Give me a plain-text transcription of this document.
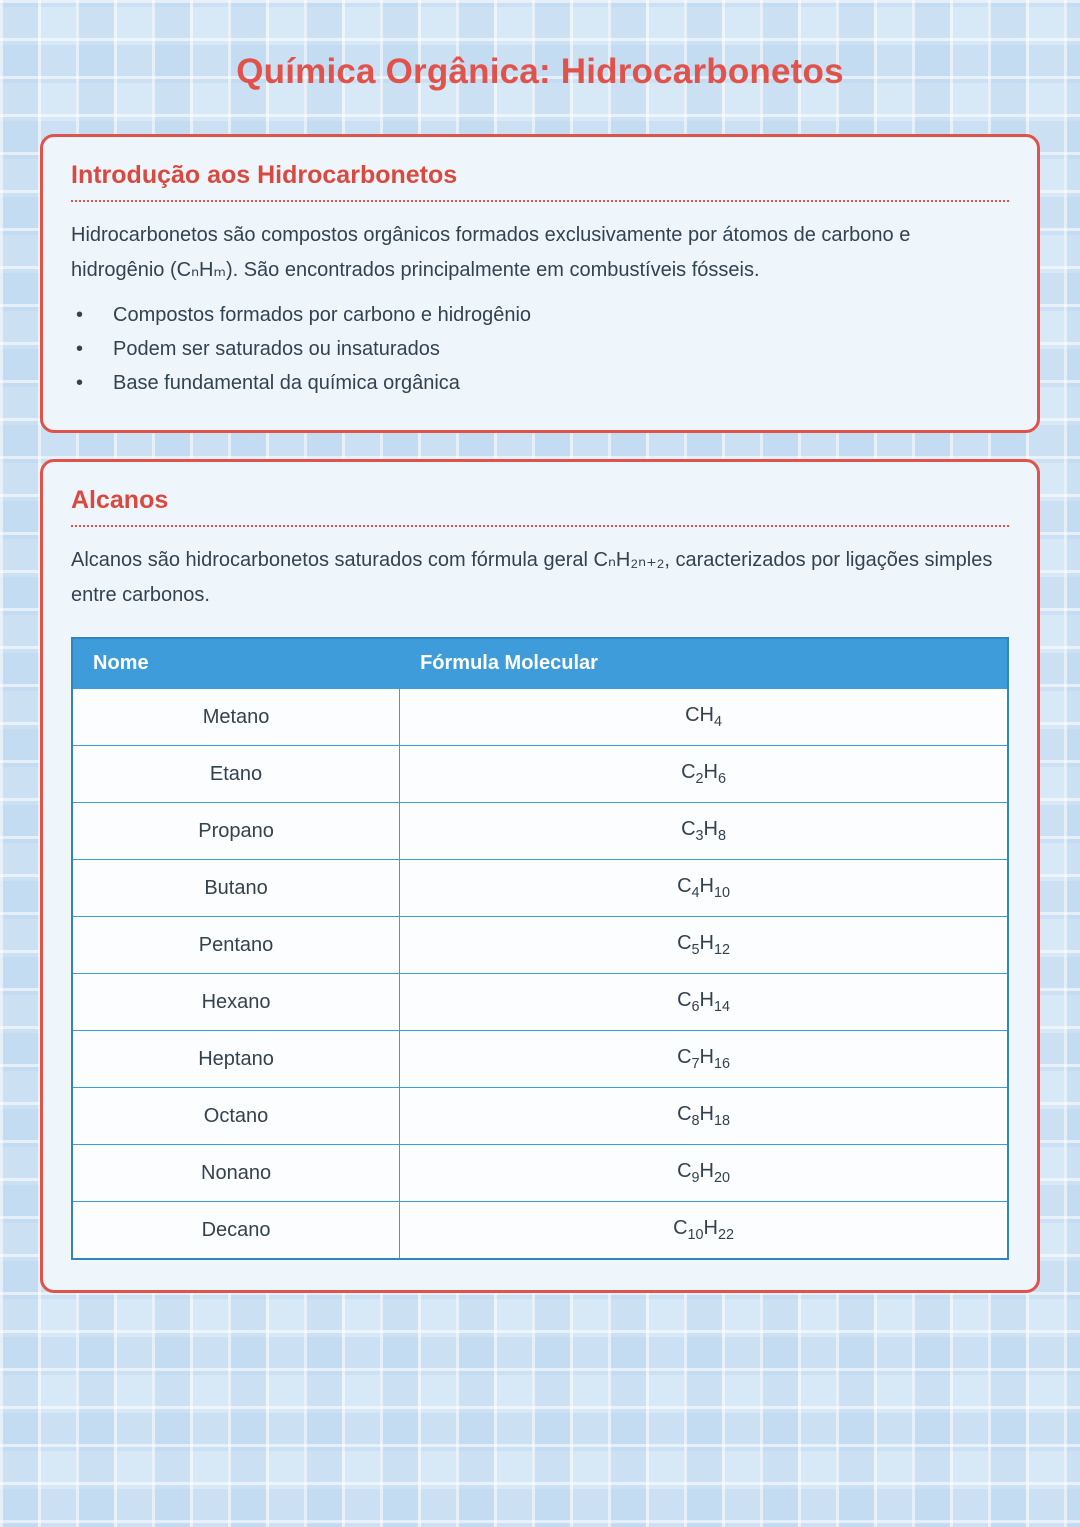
Química Orgânica: Hidrocarbonetos
Introdução aos Hidrocarbonetos

Hidrocarbonetos são compostos orgânicos formados exclusivamente por átomos de carbono e hidrogênio (CₙHₘ). São encontrados principalmente em combustíveis fósseis.

• Compostos formados por carbono e hidrogênio
• Podem ser saturados ou insaturados
• Base fundamental da química orgânica
Alcanos

Alcanos são hidrocarbonetos saturados com fórmula geral CₙH₂ₙ₊₂, caracterizados por ligações simples entre carbonos.

Nome	Fórmula Molecular
Metano	$CH_4$
Etano	$C_2H_6$
Propano	$C_3H_8$
Butano	$C_4H_{10}$
Pentano	$C_5H_{12}$
Hexano	$C_6H_{14}$
Heptano	$C_7H_{16}$
Octano	$C_8H_{18}$
Nonano	$C_9H_{20}$
Decano	$C_{10}H_{22}$
